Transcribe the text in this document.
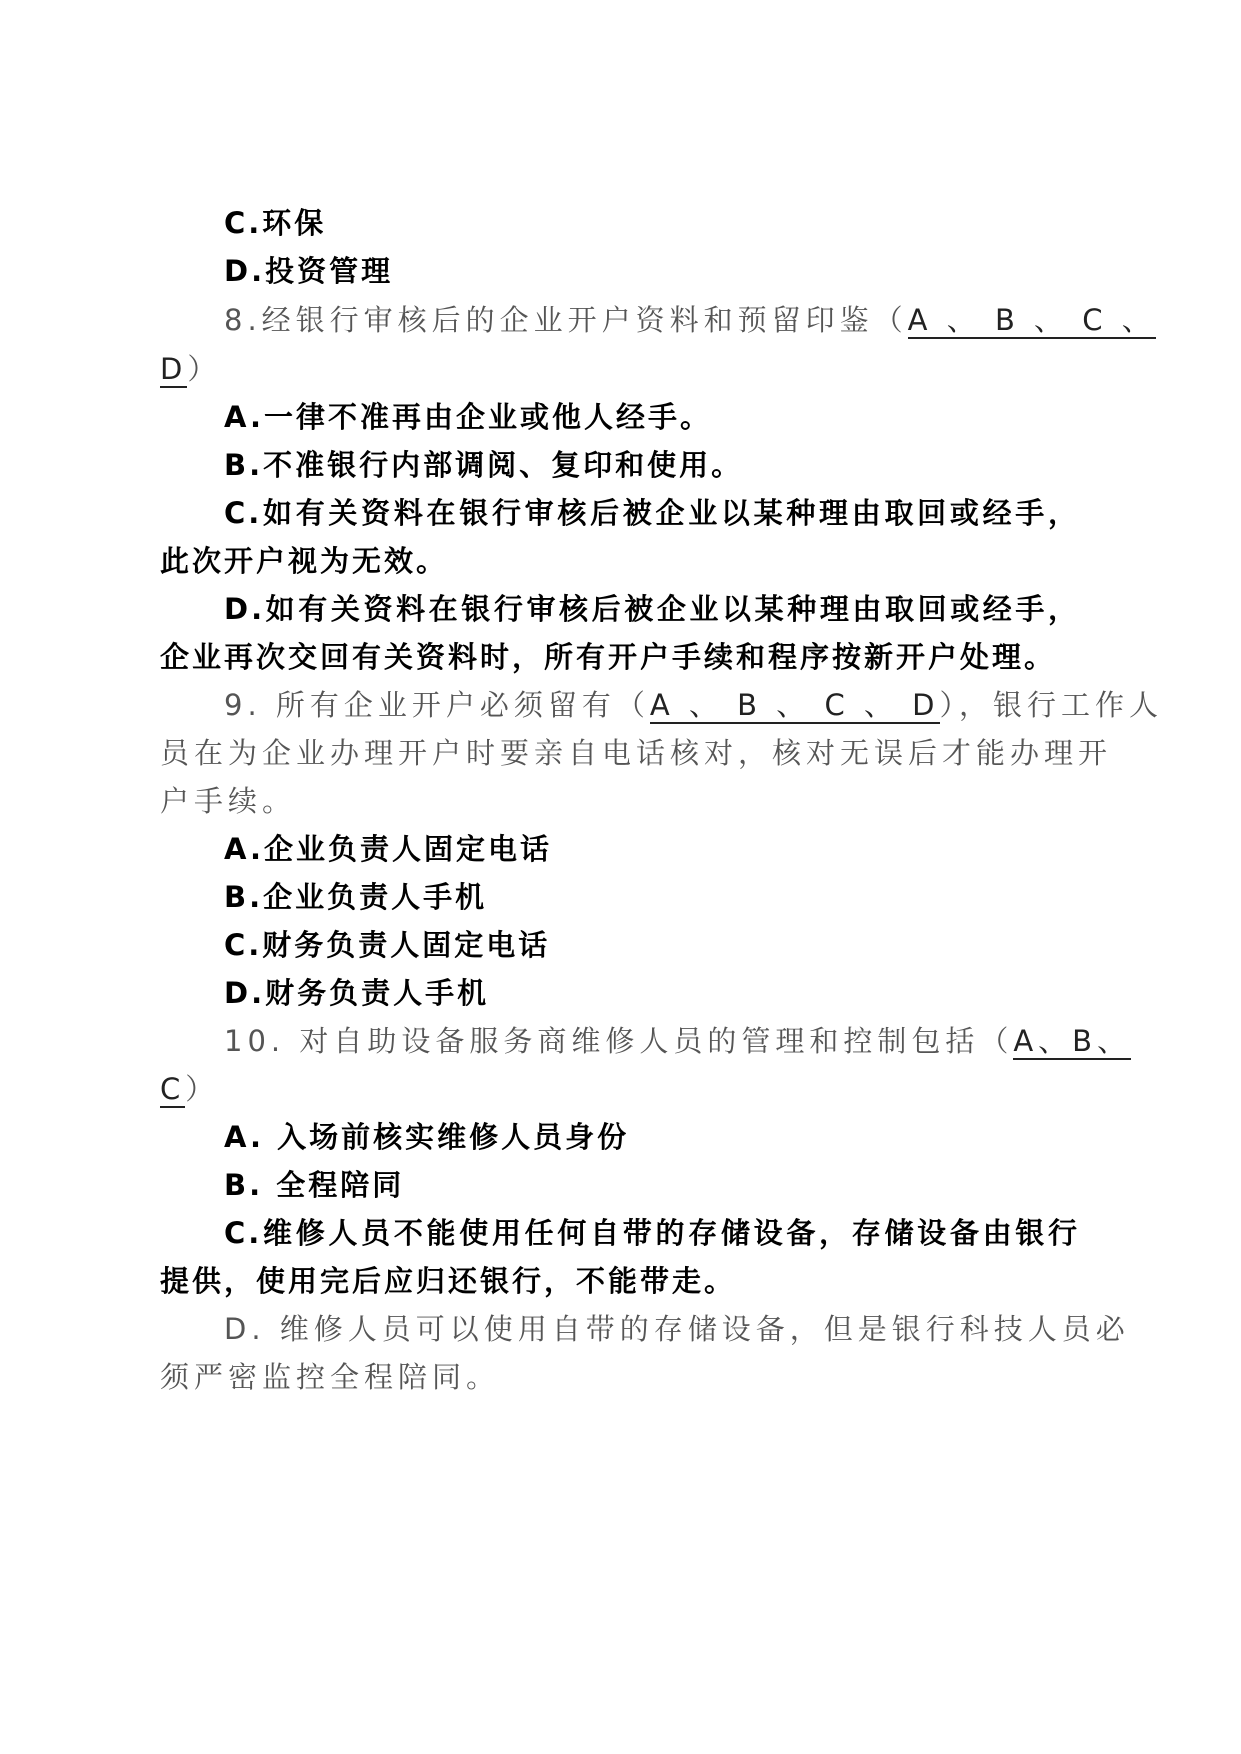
C.环保
D.投资管理
8.经银行审核后的企业开户资料和预留印鉴（A 、 B 、 C 、
D）
A.一律不准再由企业或他人经手。
B.不准银行内部调阅、复印和使用。
C.如有关资料在银行审核后被企业以某种理由取回或经手，
此次开户视为无效。
D.如有关资料在银行审核后被企业以某种理由取回或经手，
企业再次交回有关资料时，所有开户手续和程序按新开户处理。
9. 所有企业开户必须留有（A 、 B 、 C 、 D），银行工作人
员在为企业办理开户时要亲自电话核对，核对无误后才能办理开
户手续。
A.企业负责人固定电话
B.企业负责人手机
C.财务负责人固定电话
D.财务负责人手机
10. 对自助设备服务商维修人员的管理和控制包括（A、B、
C）
A. 入场前核实维修人员身份
B. 全程陪同
C.维修人员不能使用任何自带的存储设备，存储设备由银行
提供，使用完后应归还银行，不能带走。
D. 维修人员可以使用自带的存储设备，但是银行科技人员必
须严密监控全程陪同。
